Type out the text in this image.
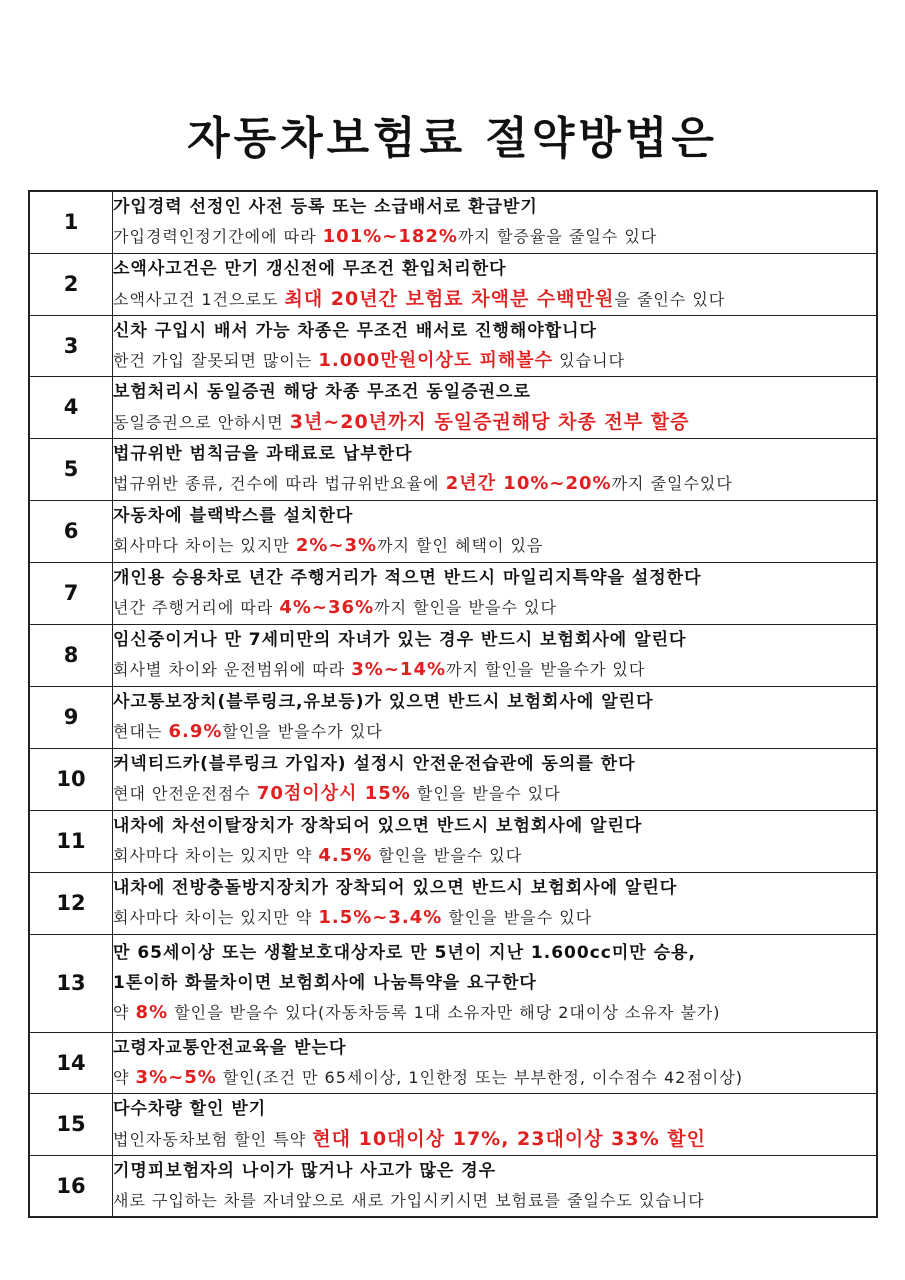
자동차보험료 절약방법은
1	가입경력 선정인 사전 등록 또는 소급배서로 환급받기
가입경력인정기간에에 따라 101%~182%까지 할증율을 줄일수 있다

2	소액사고건은 만기 갱신전에 무조건 환입처리한다
소액사고건 1건으로도 최대 20년간 보험료 차액분 수백만원을 줄인수 있다

3	신차 구입시 배서 가능 차종은 무조건 배서로 진행해야합니다
한건 가입 잘못되면 많이는 1.000만원이상도 피해볼수 있습니다

4	보험처리시 동일증권 해당 차종 무조건 동일증권으로
동일증권으로 안하시면 3년~20년까지 동일증권해당 차종 전부 할증

5	법규위반 범칙금을 과태료로 납부한다
법규위반 종류, 건수에 따라 법규위반요율에 2년간 10%~20%까지 줄일수있다

6	자동차에 블랙박스를 설치한다
회사마다 차이는 있지만 2%~3%까지 할인 혜택이 있음

7	개인용 승용차로 년간 주행거리가 적으면 반드시 마일리지특약을 설정한다
년간 주행거리에 따라 4%~36%까지 할인을 받을수 있다

8	임신중이거나 만 7세미만의 자녀가 있는 경우 반드시 보험회사에 알린다
회사별 차이와 운전범위에 따라 3%~14%까지 할인을 받을수가 있다

9	사고통보장치(블루링크,유보등)가 있으면 반드시 보험회사에 알린다
현대는 6.9%할인을 받을수가 있다

10	커넥티드카(블루링크 가입자) 설정시 안전운전습관에 동의를 한다
현대 안전운전점수 70점이상시 15% 할인을 받을수 있다

11	내차에 차선이탈장치가 장착되어 있으면 반드시 보험회사에 알린다
회사마다 차이는 있지만 약 4.5% 할인을 받을수 있다

12	내차에 전방충돌방지장치가 장착되어 있으면 반드시 보험회사에 알린다
회사마다 차이는 있지만 약 1.5%~3.4% 할인을 받을수 있다

13	만 65세이상 또는 생활보호대상자로 만 5년이 지난 1.600cc미만 승용,
1톤이하 화물차이면 보험회사에 나눔특약을 요구한다
약 8% 할인을 받을수 있다(자동차등록 1대 소유자만 해당 2대이상 소유자 불가)

14	고령자교통안전교육을 받는다
약 3%~5% 할인(조건 만 65세이상, 1인한정 또는 부부한정, 이수점수 42점이상)

15	다수차량 할인 받기
법인자동차보험 할인 특약 현대 10대이상 17%, 23대이상 33% 할인

16	기명피보험자의 나이가 많거나 사고가 많은 경우
새로 구입하는 차를 자녀앞으로 새로 가입시키시면 보험료를 줄일수도 있습니다
